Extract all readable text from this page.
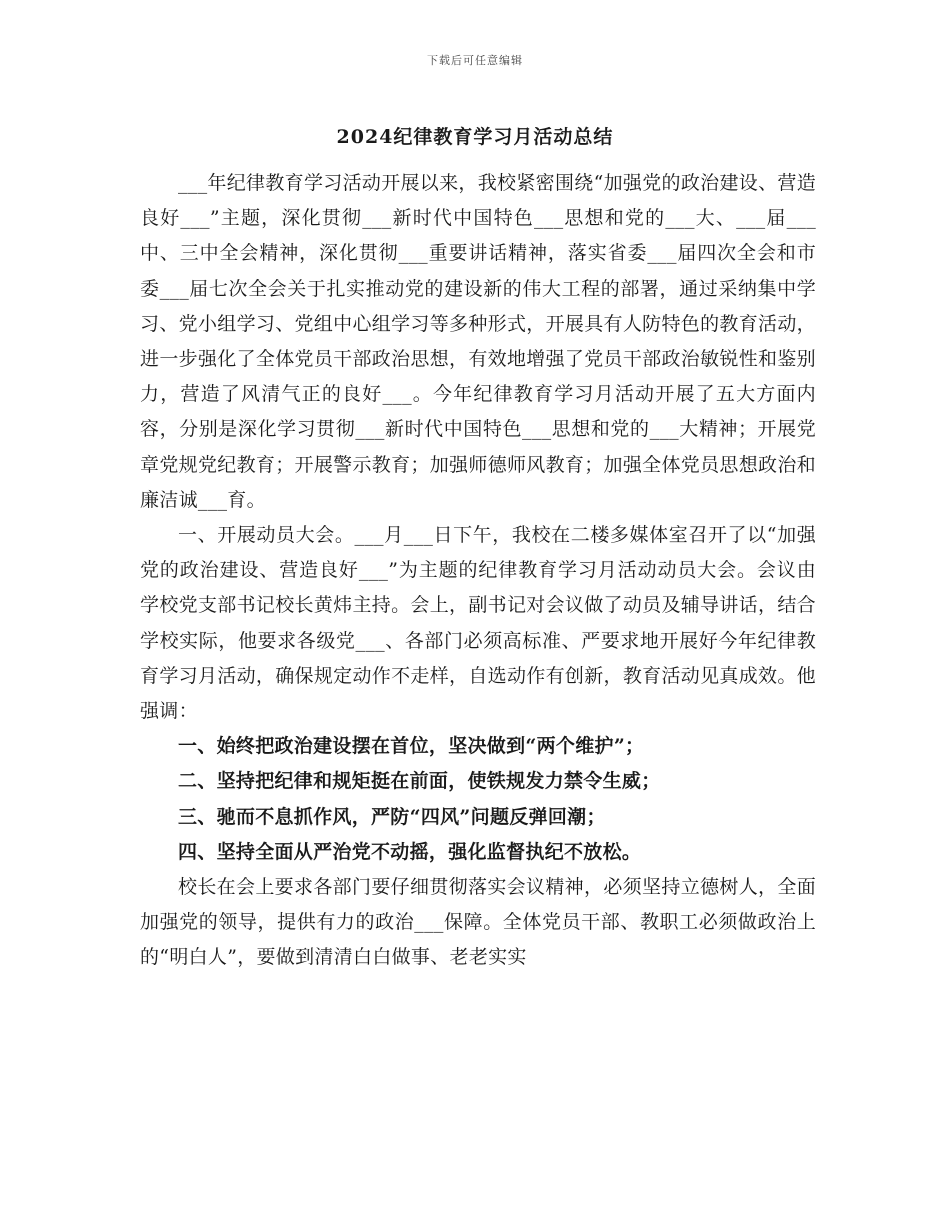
下载后可任意编辑
2024纪律教育学习月活动总结

___年纪律教育学习活动开展以来，我校紧密围绕“加强党的政治建设、营造良好___”主题，深化贯彻___新时代中国特色___思想和党的___大、___届___中、三中全会精神，深化贯彻___重要讲话精神，落实省委___届四次全会和市委___届七次全会关于扎实推动党的建设新的伟大工程的部署，通过采纳集中学习、党小组学习、党组中心组学习等多种形式，开展具有人防特色的教育活动，进一步强化了全体党员干部政治思想，有效地增强了党员干部政治敏锐性和鉴别力，营造了风清气正的良好___。今年纪律教育学习月活动开展了五大方面内容，分别是深化学习贯彻___新时代中国特色___思想和党的___大精神；开展党章党规党纪教育；开展警示教育；加强师德师风教育；加强全体党员思想政治和廉洁诚___育。

一、开展动员大会。___月___日下午，我校在二楼多媒体室召开了以“加强党的政治建设、营造良好___”为主题的纪律教育学习月活动动员大会。会议由学校党支部书记校长黄炜主持。会上，副书记对会议做了动员及辅导讲话，结合学校实际，他要求各级党___、各部门必须高标准、严要求地开展好今年纪律教育学习月活动，确保规定动作不走样，自选动作有创新，教育活动见真成效。他强调：

一、始终把政治建设摆在首位，坚决做到“两个维护”；

二、坚持把纪律和规矩挺在前面，使铁规发力禁令生威；

三、驰而不息抓作风，严防“四风”问题反弹回潮；

四、坚持全面从严治党不动摇，强化监督执纪不放松。

校长在会上要求各部门要仔细贯彻落实会议精神，必须坚持立德树人，全面加强党的领导，提供有力的政治___保障。全体党员干部、教职工必须做政治上的“明白人”，要做到清清白白做事、老老实实
